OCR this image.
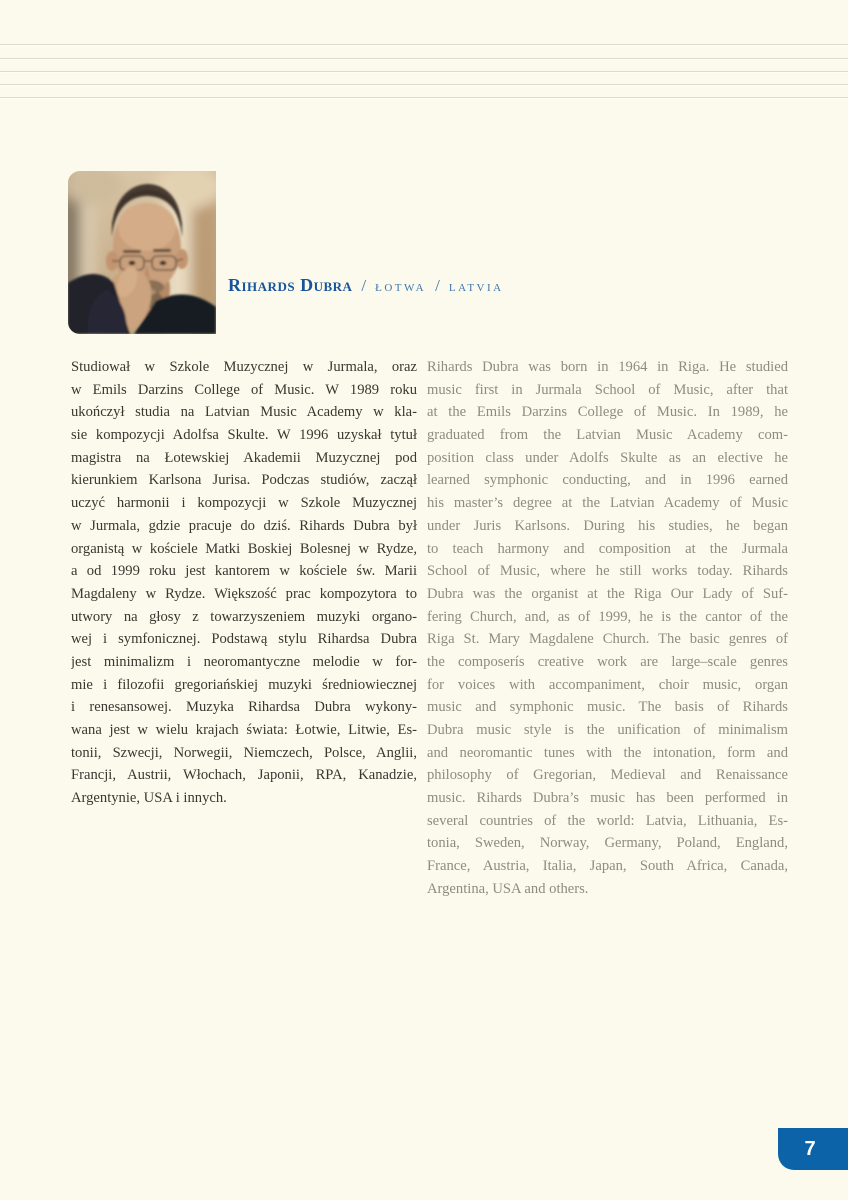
Rihards Dubra / łotwa / latvia
Studiował w Szkole Muzycznej w Jurmala, oraz
w Emils Darzins College of Music. W 1989 roku
ukończył studia na Latvian Music Academy w kla-
sie kompozycji Adolfsa Skulte. W 1996 uzyskał tytuł
magistra na Łotewskiej Akademii Muzycznej pod
kierunkiem Karlsona Jurisa. Podczas studiów, zaczął
uczyć harmonii i kompozycji w Szkole Muzycznej
w Jurmala, gdzie pracuje do dziś. Rihards Dubra był
organistą w kościele Matki Boskiej Bolesnej w Rydze,
a od 1999 roku jest kantorem w kościele św. Marii
Magdaleny w Rydze. Większość prac kompozytora to
utwory na głosy z towarzyszeniem muzyki organo-
wej i symfonicznej. Podstawą stylu Rihardsa Dubra
jest minimalizm i neoromantyczne melodie w for-
mie i filozofii gregoriańskiej muzyki średniowiecznej
i renesansowej. Muzyka Rihardsa Dubra wykony-
wana jest w wielu krajach świata: Łotwie, Litwie, Es-
tonii, Szwecji, Norwegii, Niemczech, Polsce, Anglii,
Francji, Austrii, Włochach, Japonii, RPA, Kanadzie,
Argentynie, USA i innych.
Rihards Dubra was born in 1964 in Riga. He studied
music first in Jurmala School of Music, after that
at the Emils Darzins College of Music. In 1989, he
graduated from the Latvian Music Academy com-
position class under Adolfs Skulte as an elective he
learned symphonic conducting, and in 1996 earned
his master’s degree at the Latvian Academy of Music
under Juris Karlsons. During his studies, he began
to teach harmony and composition at the Jurmala
School of Music, where he still works today. Rihards
Dubra was the organist at the Riga Our Lady of Suf-
fering Church, and, as of 1999, he is the cantor of the
Riga St. Mary Magdalene Church. The basic genres of
the composerís creative work are large–scale genres
for voices with accompaniment, choir music, organ
music and symphonic music. The basis of Rihards
Dubra music style is the unification of minimalism
and neoromantic tunes with the intonation, form and
philosophy of Gregorian, Medieval and Renaissance
music. Rihards Dubra’s music has been performed in
several countries of the world: Latvia, Lithuania, Es-
tonia, Sweden, Norway, Germany, Poland, England,
France, Austria, Italia, Japan, South Africa, Canada,
Argentina, USA and others.
7
